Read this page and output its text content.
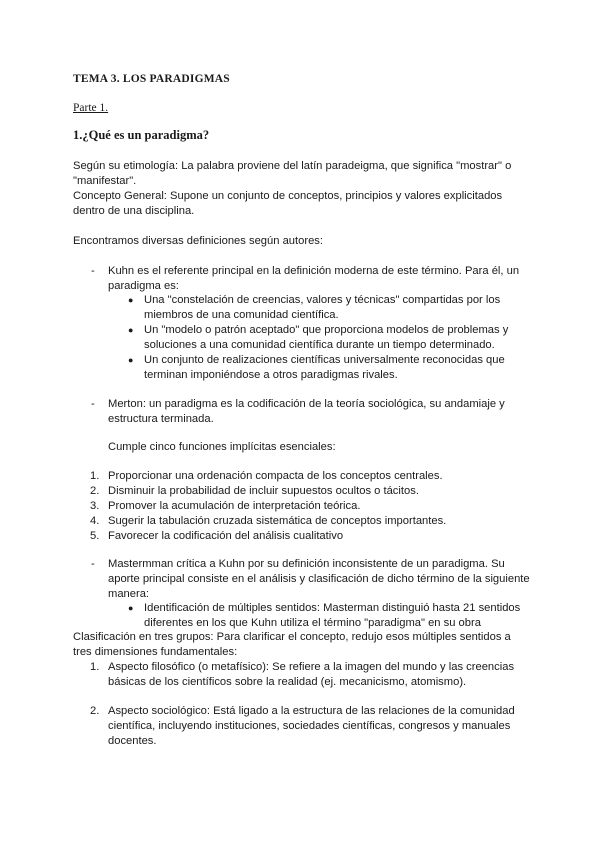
TEMA 3. LOS PARADIGMAS
Parte 1.
1.¿Qué es un paradigma?
Según su etimología: La palabra proviene del latín paradeigma, que significa "mostrar" o
"manifestar".
Concepto General: Supone un conjunto de conceptos, principios y valores explicitados
dentro de una disciplina.
Encontramos diversas definiciones según autores:
-	Kuhn es el referente principal en la definición moderna de este término. Para él, un
paradigma es:
● Una "constelación de creencias, valores y técnicas" compartidas por los
miembros de una comunidad científica.
● Un "modelo o patrón aceptado" que proporciona modelos de problemas y
soluciones a una comunidad científica durante un tiempo determinado.
● Un conjunto de realizaciones científicas universalmente reconocidas que
terminan imponiéndose a otros paradigmas rivales.
-	Merton: un paradigma es la codificación de la teoría sociológica, su andamiaje y
estructura terminada.
Cumple cinco funciones implícitas esenciales:
1. Proporcionar una ordenación compacta de los conceptos centrales.
2. Disminuir la probabilidad de incluir supuestos ocultos o tácitos.
3. Promover la acumulación de interpretación teórica.
4. Sugerir la tabulación cruzada sistemática de conceptos importantes.
5. Favorecer la codificación del análisis cualitativo
-	Mastermman crítica a Kuhn por su definición inconsistente de un paradigma. Su
aporte principal consiste en el análisis y clasificación de dicho término de la siguiente
manera:
● Identificación de múltiples sentidos: Masterman distinguió hasta 21 sentidos
diferentes en los que Kuhn utiliza el término "paradigma" en su obra
Clasificación en tres grupos: Para clarificar el concepto, redujo esos múltiples sentidos a
tres dimensiones fundamentales:
1. Aspecto filosófico (o metafísico): Se refiere a la imagen del mundo y las creencias
básicas de los científicos sobre la realidad (ej. mecanicismo, atomismo).
2. Aspecto sociológico: Está ligado a la estructura de las relaciones de la comunidad
científica, incluyendo instituciones, sociedades científicas, congresos y manuales
docentes.
